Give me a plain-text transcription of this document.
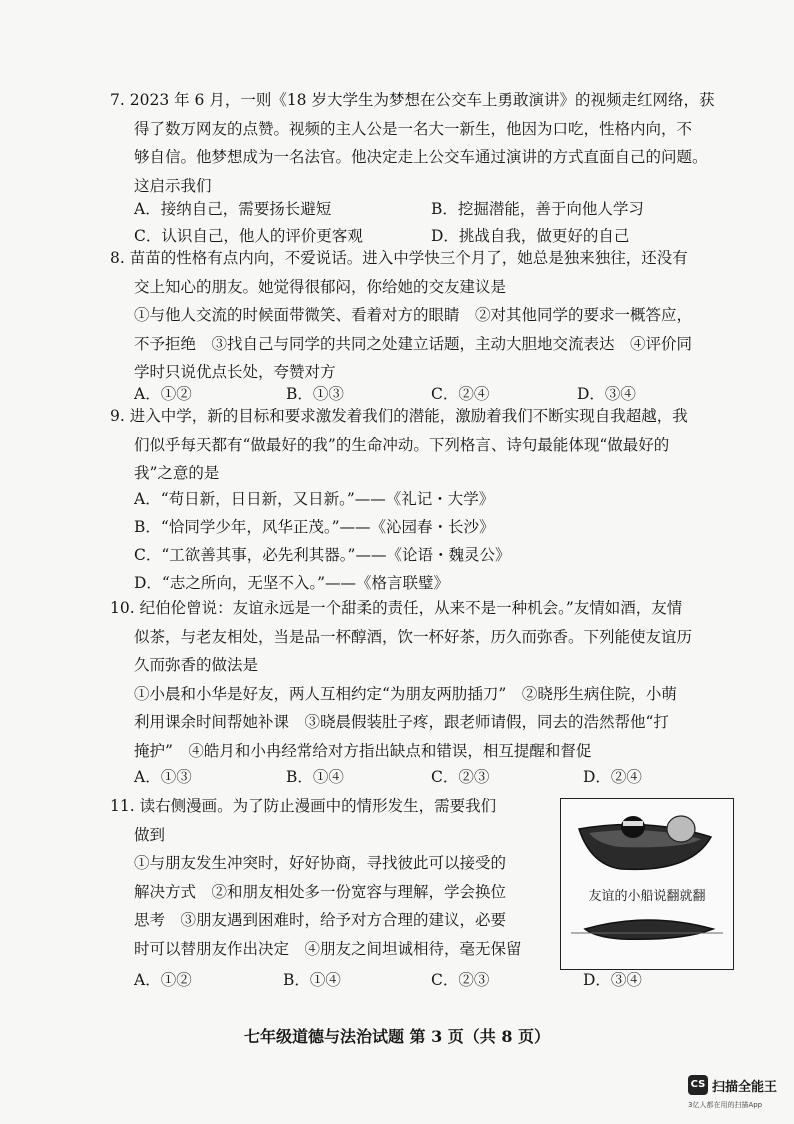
7. 2023 年 6 月，一则《18 岁大学生为梦想在公交车上勇敢演讲》的视频走红网络，获
得了数万网友的点赞。视频的主人公是一名大一新生，他因为口吃，性格内向，不
够自信。他梦想成为一名法官。他决定走上公交车通过演讲的方式直面自己的问题。
这启示我们
A．接纳自己，需要扬长避短	B．挖掘潜能，善于向他人学习
C．认识自己，他人的评价更客观	D．挑战自我，做更好的自己
8. 苗苗的性格有点内向，不爱说话。进入中学快三个月了，她总是独来独往，还没有
交上知心的朋友。她觉得很郁闷，你给她的交友建议是
①与他人交流的时候面带微笑、看着对方的眼睛　②对其他同学的要求一概答应，
不予拒绝　③找自己与同学的共同之处建立话题，主动大胆地交流表达　④评价同
学时只说优点长处，夸赞对方
A．①②	B．①③	C．②④	D．③④
9. 进入中学，新的目标和要求激发着我们的潜能，激励着我们不断实现自我超越，我
们似乎每天都有“做最好的我”的生命冲动。下列格言、诗句最能体现“做最好的
我”之意的是
A．“苟日新，日日新，又日新。”——《礼记・大学》
B．“恰同学少年，风华正茂。”——《沁园春・长沙》
C．“工欲善其事，必先利其器。”——《论语・魏灵公》
D．“志之所向，无坚不入。”——《格言联璧》
10. 纪伯伦曾说：友谊永远是一个甜柔的责任，从来不是一种机会。”友情如酒，友情
似茶，与老友相处，当是品一杯醇酒，饮一杯好茶，历久而弥香。下列能使友谊历
久而弥香的做法是
①小晨和小华是好友，两人互相约定“为朋友两肋插刀”　②晓彤生病住院，小萌
利用课余时间帮她补课　③晓晨假装肚子疼，跟老师请假，同去的浩然帮他“打
掩护”　④皓月和小冉经常给对方指出缺点和错误，相互提醒和督促
A．①③	B．①④	C．②③	D．②④
11. 读右侧漫画。为了防止漫画中的情形发生，需要我们
做到
①与朋友发生冲突时，好好协商，寻找彼此可以接受的
解决方式　②和朋友相处多一份宽容与理解，学会换位
思考　③朋友遇到困难时，给予对方合理的建议，必要
时可以替朋友作出决定　④朋友之间坦诚相待，毫无保留
A．①②	B．①④	C．②③	D．③④
友谊的小船说翻就翻
七年级道德与法治试题 第 3 页（共 8 页）
CS 扫描全能王
3亿人都在用的扫描App
